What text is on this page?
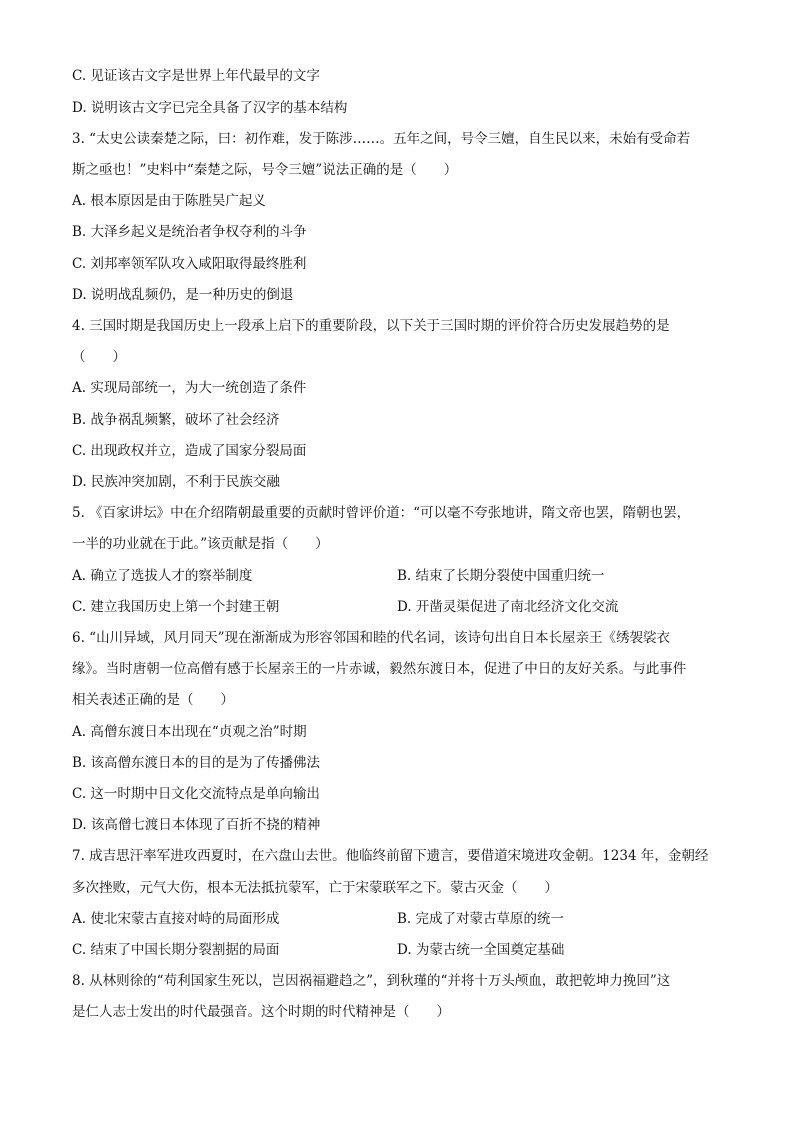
C. 见证该古文字是世界上年代最早的文字
D. 说明该古文字已完全具备了汉字的基本结构
3. “太史公读秦楚之际，曰：初作难，发于陈涉……。五年之间，号令三嬗，自生民以来，未始有受命若
斯之亟也！”史料中“秦楚之际，号令三嬗”说法正确的是（　　）
A. 根本原因是由于陈胜吴广起义
B. 大泽乡起义是统治者争权夺利的斗争
C. 刘邦率领军队攻入咸阳取得最终胜利
D. 说明战乱频仍，是一种历史的倒退
4. 三国时期是我国历史上一段承上启下的重要阶段，以下关于三国时期的评价符合历史发展趋势的是
（　　）
A. 实现局部统一，为大一统创造了条件
B. 战争祸乱频繁，破坏了社会经济
C. 出现政权并立，造成了国家分裂局面
D. 民族冲突加剧，不利于民族交融
5. 《百家讲坛》中在介绍隋朝最重要的贡献时曾评价道：“可以毫不夸张地讲，隋文帝也罢，隋朝也罢，
一半的功业就在于此。”该贡献是指（　　）
A. 确立了选拔人才的察举制度	B. 结束了长期分裂使中国重归统一
C. 建立我国历史上第一个封建王朝	D. 开凿灵渠促进了南北经济文化交流
6. “山川异域，风月同天”现在渐渐成为形容邻国和睦的代名词，该诗句出自日本长屋亲王《绣袈裟衣
缘》。当时唐朝一位高僧有感于长屋亲王的一片赤诚，毅然东渡日本，促进了中日的友好关系。与此事件
相关表述正确的是（　　）
A. 高僧东渡日本出现在“贞观之治”时期
B. 该高僧东渡日本的目的是为了传播佛法
C. 这一时期中日文化交流特点是单向输出
D. 该高僧七渡日本体现了百折不挠的精神
7. 成吉思汗率军进攻西夏时，在六盘山去世。他临终前留下遗言，要借道宋境进攻金朝。1234 年，金朝经
多次挫败，元气大伤，根本无法抵抗蒙军，亡于宋蒙联军之下。蒙古灭金（　　）
A. 使北宋蒙古直接对峙的局面形成	B. 完成了对蒙古草原的统一
C. 结束了中国长期分裂割据的局面	D. 为蒙古统一全国奠定基础
8. 从林则徐的“苟利国家生死以，岂因祸福避趋之”，到秋瑾的“并将十万头颅血，敢把乾坤力挽回”这
是仁人志士发出的时代最强音。这个时期的时代精神是（　　）
